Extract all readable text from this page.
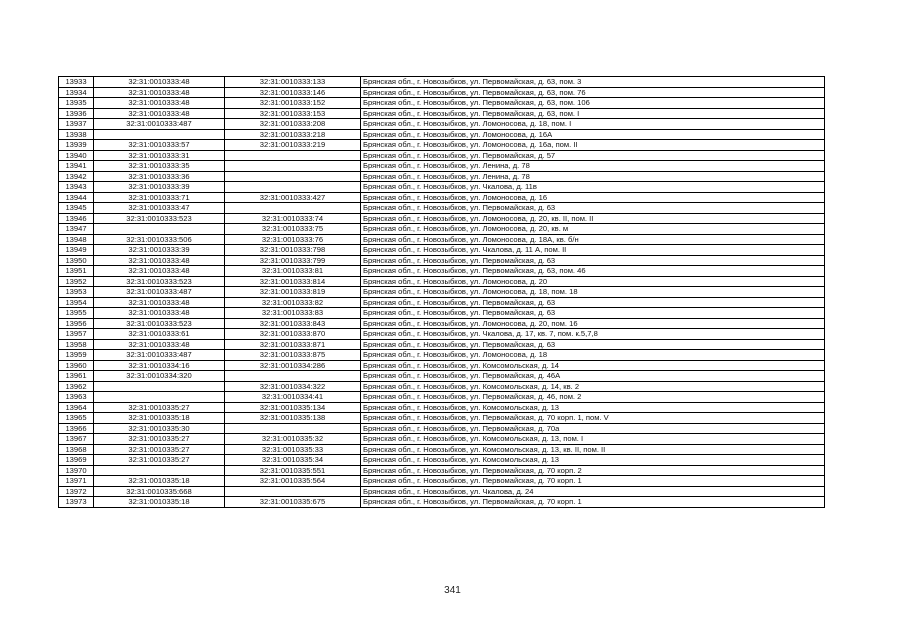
13933	32:31:0010333:48	32:31:0010333:133	Брянская обл., г. Новозыбков, ул. Первомайская, д. 63, пом. 3
13934	32:31:0010333:48	32:31:0010333:146	Брянская обл., г. Новозыбков, ул. Первомайская, д. 63, пом. 76
13935	32:31:0010333:48	32:31:0010333:152	Брянская обл., г. Новозыбков, ул. Первомайская, д. 63, пом. 106
13936	32:31:0010333:48	32:31:0010333:153	Брянская обл., г. Новозыбков, ул. Первомайская, д. 63, пом. I
13937	32:31:0010333:487	32:31:0010333:208	Брянская обл., г. Новозыбков, ул. Ломоносова, д. 18, пом. I
13938		32:31:0010333:218	Брянская обл., г. Новозыбков, ул. Ломоносова, д. 16А
13939	32:31:0010333:57	32:31:0010333:219	Брянская обл., г. Новозыбков, ул. Ломоносова, д. 16а, пом. II
13940	32:31:0010333:31		Брянская обл., г. Новозыбков, ул. Первомайская, д. 57
13941	32:31:0010333:35		Брянская обл., г. Новозыбков, ул. Ленина, д. 78
13942	32:31:0010333:36		Брянская обл., г. Новозыбков, ул. Ленина, д. 78
13943	32:31:0010333:39		Брянская обл., г. Новозыбков, ул. Чкалова, д. 11в
13944	32:31:0010333:71	32:31:0010333:427	Брянская обл., г. Новозыбков, ул. Ломоносова, д. 16
13945	32:31:0010333:47		Брянская обл., г. Новозыбков, ул. Первомайская, д. 63
13946	32:31:0010333:523	32:31:0010333:74	Брянская обл., г. Новозыбков, ул. Ломоносова, д. 20, кв. II, пом. II
13947		32:31:0010333:75	Брянская обл., г. Новозыбков, ул. Ломоносова, д. 20, кв. м
13948	32:31:0010333:506	32:31:0010333:76	Брянская обл., г. Новозыбков, ул. Ломоносова, д. 18А, кв. б/н
13949	32:31:0010333:39	32:31:0010333:798	Брянская обл., г. Новозыбков, ул. Чкалова, д. 11 А, пом. II
13950	32:31:0010333:48	32:31:0010333:799	Брянская обл., г. Новозыбков, ул. Первомайская, д. 63
13951	32:31:0010333:48	32:31:0010333:81	Брянская обл., г. Новозыбков, ул. Первомайская, д. 63, пом. 46
13952	32:31:0010333:523	32:31:0010333:814	Брянская обл., г. Новозыбков, ул. Ломоносова, д. 20
13953	32:31:0010333:487	32:31:0010333:819	Брянская обл., г. Новозыбков, ул. Ломоносова, д. 18, пом. 18
13954	32:31:0010333:48	32:31:0010333:82	Брянская обл., г. Новозыбков, ул. Первомайская, д. 63
13955	32:31:0010333:48	32:31:0010333:83	Брянская обл., г. Новозыбков, ул. Первомайская, д. 63
13956	32:31:0010333:523	32:31:0010333:843	Брянская обл., г. Новозыбков, ул. Ломоносова, д. 20, пом. 16
13957	32:31:0010333:61	32:31:0010333:870	Брянская обл., г. Новозыбков, ул. Чкалова, д. 17, кв. 7, пом. к.5,7,8
13958	32:31:0010333:48	32:31:0010333:871	Брянская обл., г. Новозыбков, ул. Первомайская, д. 63
13959	32:31:0010333:487	32:31:0010333:875	Брянская обл., г. Новозыбков, ул. Ломоносова, д. 18
13960	32:31:0010334:16	32:31:0010334:286	Брянская обл., г. Новозыбков, ул. Комсомольская, д. 14
13961	32:31:0010334:320		Брянская обл., г. Новозыбков, ул. Первомайская, д. 46А
13962		32:31:0010334:322	Брянская обл., г. Новозыбков, ул. Комсомольская, д. 14, кв. 2
13963		32:31:0010334:41	Брянская обл., г. Новозыбков, ул. Первомайская, д. 46, пом. 2
13964	32:31:0010335:27	32:31:0010335:134	Брянская обл., г. Новозыбков, ул. Комсомольская, д. 13
13965	32:31:0010335:18	32:31:0010335:138	Брянская обл., г. Новозыбков, ул. Первомайская, д. 70 корп. 1, пом. V
13966	32:31:0010335:30		Брянская обл., г. Новозыбков, ул. Первомайская, д. 70а
13967	32:31:0010335:27	32:31:0010335:32	Брянская обл., г. Новозыбков, ул. Комсомольская, д. 13, пом. I
13968	32:31:0010335:27	32:31:0010335:33	Брянская обл., г. Новозыбков, ул. Комсомольская, д. 13, кв. II, пом. II
13969	32:31:0010335:27	32:31:0010335:34	Брянская обл., г. Новозыбков, ул. Комсомольская, д. 13
13970		32:31:0010335:551	Брянская обл., г. Новозыбков, ул. Первомайская, д. 70 корп. 2
13971	32:31:0010335:18	32:31:0010335:564	Брянская обл., г. Новозыбков, ул. Первомайская, д. 70 корп. 1
13972	32:31:0010335:668		Брянская обл., г. Новозыбков, ул. Чкалова, д. 24
13973	32:31:0010335:18	32:31:0010335:675	Брянская обл., г. Новозыбков, ул. Первомайская, д. 70 корп. 1
341
